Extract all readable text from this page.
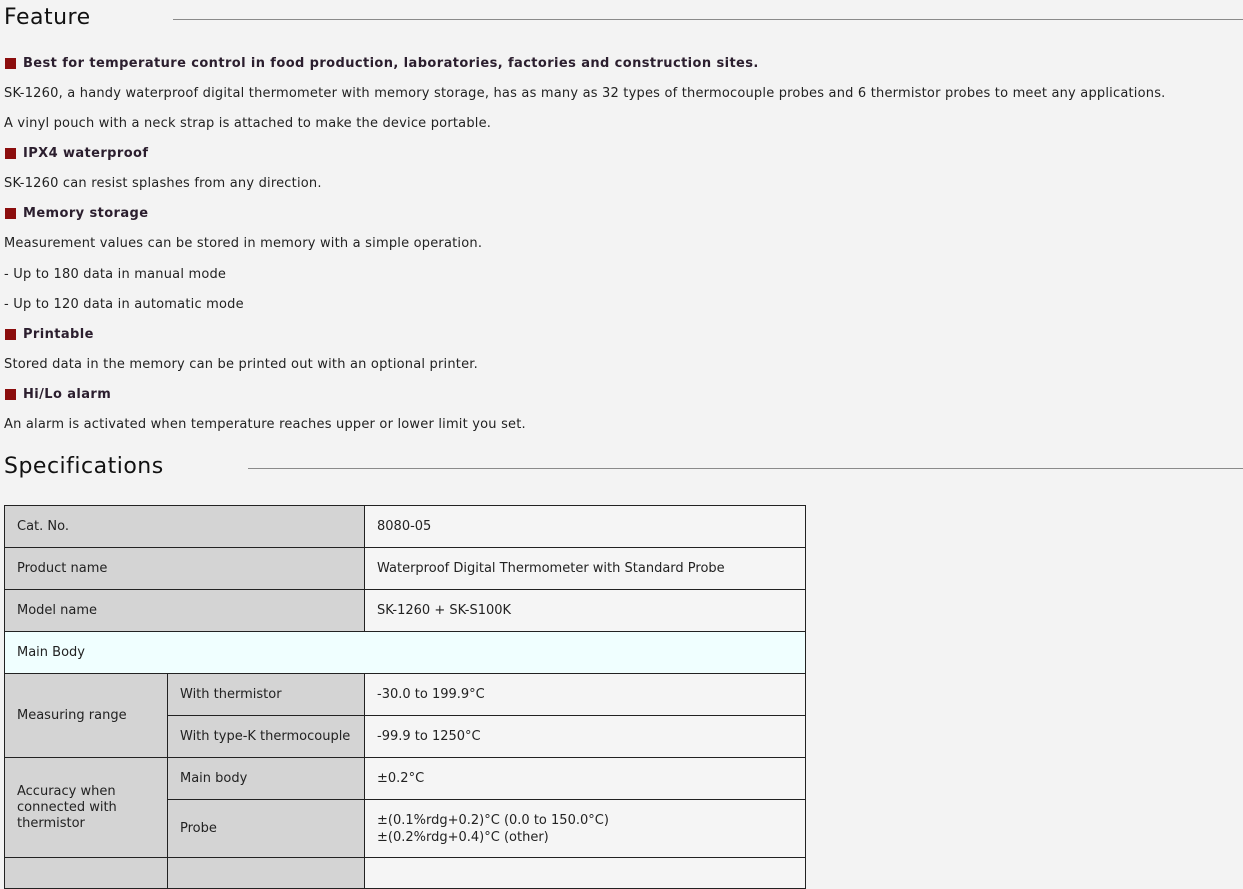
Feature
Best for temperature control in food production, laboratories, factories and construction sites.
SK-1260, a handy waterproof digital thermometer with memory storage, has as many as 32 types of thermocouple probes and 6 thermistor probes to meet any applications.
A vinyl pouch with a neck strap is attached to make the device portable.
IPX4 waterproof
SK-1260 can resist splashes from any direction.
Memory storage
Measurement values can be stored in memory with a simple operation.
- Up to 180 data in manual mode
- Up to 120 data in automatic mode
Printable
Stored data in the memory can be printed out with an optional printer.
Hi/Lo alarm
An alarm is activated when temperature reaches upper or lower limit you set.
Specifications
Cat. No.		8080-05
Product name		Waterproof Digital Thermometer with Standard Probe
Model name		SK-1260 + SK-S100K
Main Body		
Measuring range	With thermistor	-30.0 to 199.9°C
	With type-K thermocouple	-99.9 to 1250°C
Accuracy when connected with thermistor	Main body	±0.2°C
	Probe	±(0.1%rdg+0.2)°C (0.0 to 150.0°C)
±(0.2%rdg+0.4)°C (other)
